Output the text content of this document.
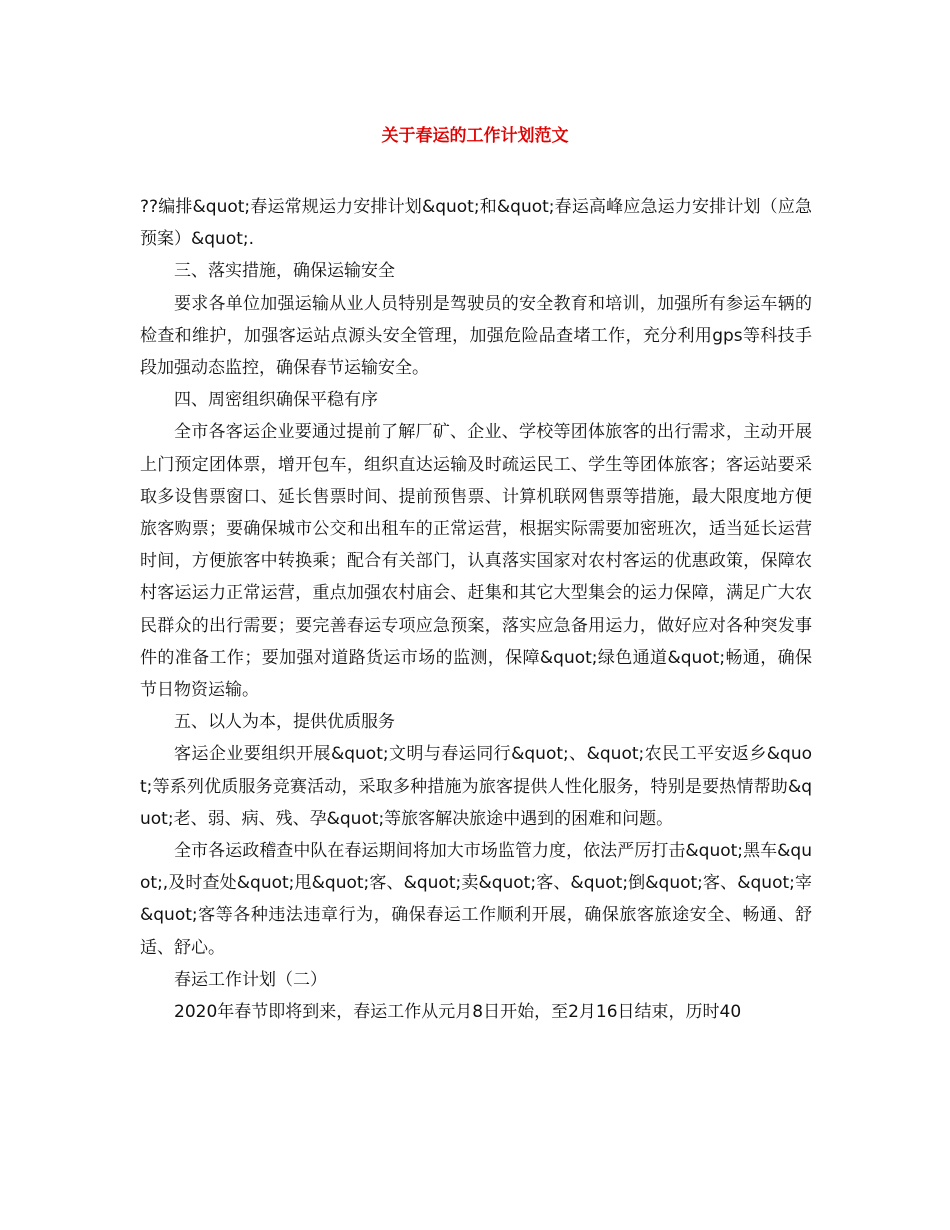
关于春运的工作计划范文

??编排&quot;春运常规运力安排计划&quot;和&quot;春运高峰应急运力安排计划（应急预案）&quot;.

三、落实措施，确保运输安全

要求各单位加强运输从业人员特别是驾驶员的安全教育和培训，加强所有参运车辆的检查和维护，加强客运站点源头安全管理，加强危险品查堵工作，充分利用gps等科技手段加强动态监控，确保春节运输安全。

四、周密组织确保平稳有序

全市各客运企业要通过提前了解厂矿、企业、学校等团体旅客的出行需求，主动开展上门预定团体票，增开包车，组织直达运输及时疏运民工、学生等团体旅客；客运站要采取多设售票窗口、延长售票时间、提前预售票、计算机联网售票等措施，最大限度地方便旅客购票；要确保城市公交和出租车的正常运营，根据实际需要加密班次，适当延长运营时间，方便旅客中转换乘；配合有关部门，认真落实国家对农村客运的优惠政策，保障农村客运运力正常运营，重点加强农村庙会、赶集和其它大型集会的运力保障，满足广大农民群众的出行需要；要完善春运专项应急预案，落实应急备用运力，做好应对各种突发事件的准备工作；要加强对道路货运市场的监测，保障&quot;绿色通道&quot;畅通，确保节日物资运输。

五、以人为本，提供优质服务

客运企业要组织开展&quot;文明与春运同行&quot;、&quot;农民工平安返乡&quot;等系列优质服务竞赛活动，采取多种措施为旅客提供人性化服务，特别是要热情帮助&quot;老、弱、病、残、孕&quot;等旅客解决旅途中遇到的困难和问题。

全市各运政稽查中队在春运期间将加大市场监管力度，依法严厉打击&quot;黑车&quot;,及时查处&quot;甩&quot;客、&quot;卖&quot;客、&quot;倒&quot;客、&quot;宰&quot;客等各种违法违章行为，确保春运工作顺利开展，确保旅客旅途安全、畅通、舒适、舒心。

春运工作计划（二）

2020年春节即将到来，春运工作从元月8日开始，至2月16日结束，历时40
